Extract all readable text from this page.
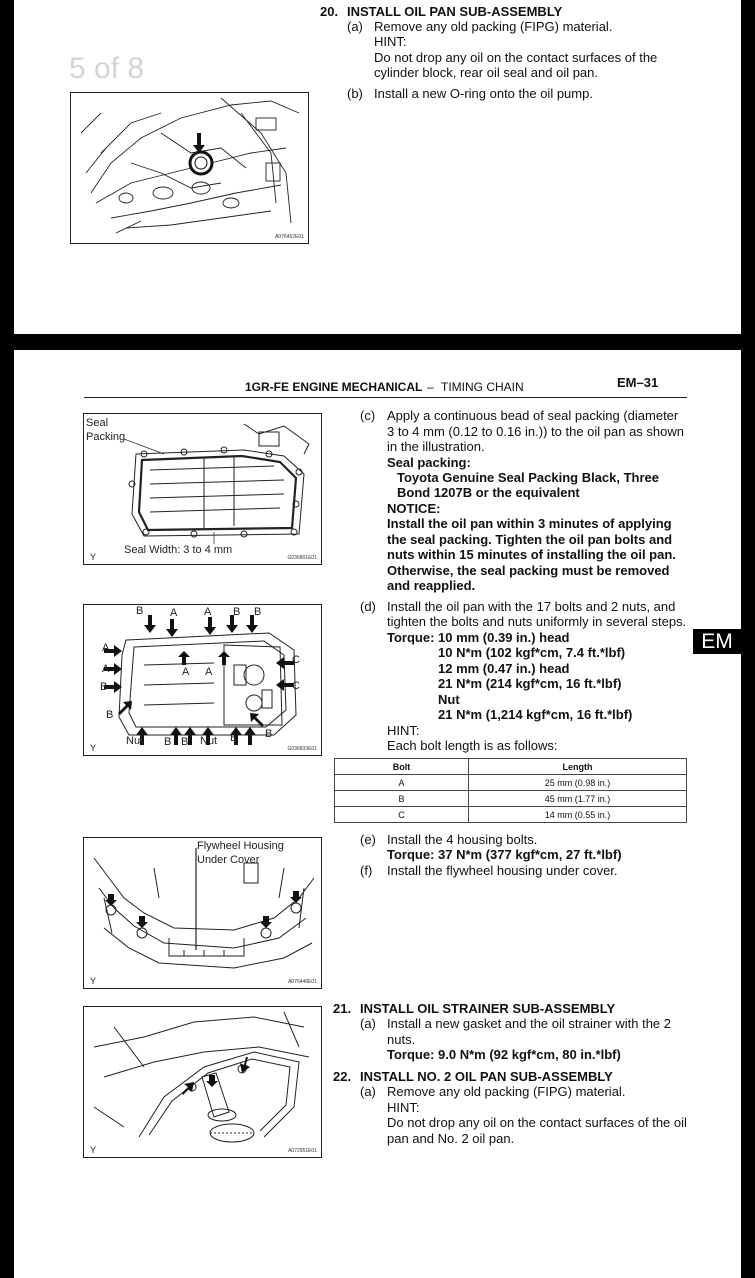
5 of 8
20. INSTALL OIL PAN SUB-ASSEMBLY
(a) Remove any old packing (FIPG) material.
HINT:
Do not drop any oil on the contact surfaces of the
cylinder block, rear oil seal and oil pan.
(b) Install a new O-ring onto the oil pump.
A076452E01
1GR-FE ENGINE MECHANICAL – TIMING CHAIN	EM–31
Seal
Packing
Seal Width: 3 to 4 mm
Y	G036801E01
B A A B B
A
A
B
B
C
C
A A
Nut B B Nut B	B
Y	G036833E01
Flywheel Housing
Under Cover
Y	A076446E01
Y	A072951E01
(c) Apply a continuous bead of seal packing (diameter
3 to 4 mm (0.12 to 0.16 in.)) to the oil pan as shown
in the illustration.
Seal packing:
Toyota Genuine Seal Packing Black, Three
Bond 1207B or the equivalent
NOTICE:
Install the oil pan within 3 minutes of applying
the seal packing. Tighten the oil pan bolts and
nuts within 15 minutes of installing the oil pan.
Otherwise, the seal packing must be removed
and reapplied.
(d) Install the oil pan with the 17 bolts and 2 nuts, and
tighten the bolts and nuts uniformly in several steps.
Torque: 10 mm (0.39 in.) head
10 N*m (102 kgf*cm, 7.4 ft.*lbf)
12 mm (0.47 in.) head
21 N*m (214 kgf*cm, 16 ft.*lbf)
Nut
21 N*m (1,214 kgf*cm, 16 ft.*lbf)
HINT:
Each bolt length is as follows:
EM
Bolt	Length
A	25 mm (0.98 in.)
B	45 mm (1.77 in.)
C	14 mm (0.55 in.)
(e) Install the 4 housing bolts.
Torque: 37 N*m (377 kgf*cm, 27 ft.*lbf)
(f) Install the flywheel housing under cover.
21. INSTALL OIL STRAINER SUB-ASSEMBLY
(a) Install a new gasket and the oil strainer with the 2
nuts.
Torque: 9.0 N*m (92 kgf*cm, 80 in.*lbf)
22. INSTALL NO. 2 OIL PAN SUB-ASSEMBLY
(a) Remove any old packing (FIPG) material.
HINT:
Do not drop any oil on the contact surfaces of the oil
pan and No. 2 oil pan.
